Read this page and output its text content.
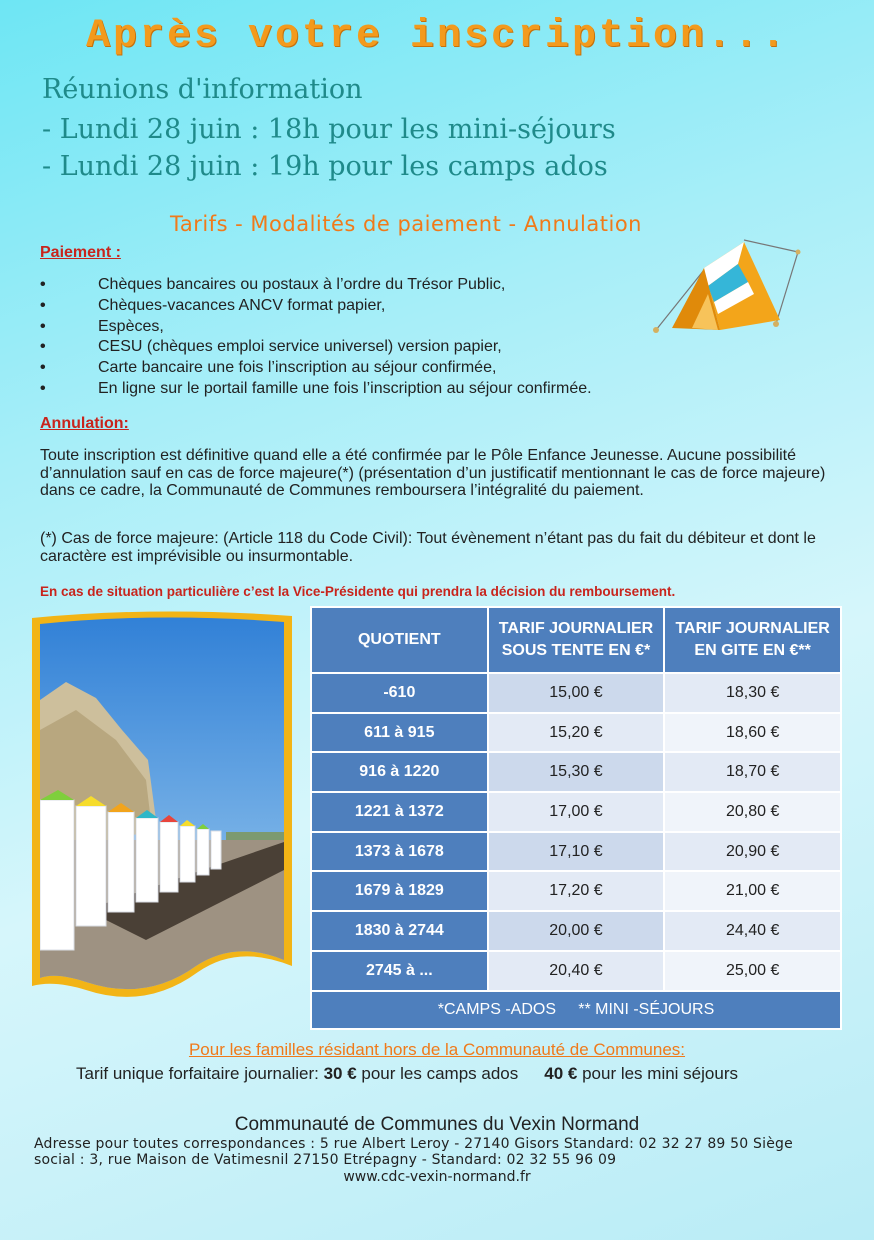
Après votre inscription...
Réunions d'information
- Lundi 28 juin : 18h pour les mini-séjours
- Lundi 28 juin : 19h pour les camps ados
Tarifs - Modalités de paiement - Annulation
Paiement :
• Chèques bancaires ou postaux à l’ordre du Trésor Public,
• Chèques-vacances ANCV format papier,
• Espèces,
• CESU (chèques emploi service universel) version papier,
• Carte bancaire une fois l’inscription au séjour confirmée,
• En ligne sur le portail famille une fois l’inscription au séjour confirmée.
Annulation:
Toute inscription est définitive quand elle a été confirmée par le Pôle Enfance Jeunesse. Aucune possibilité d’annulation sauf en cas de force majeure(*) (présentation d’un justificatif mentionnant le cas de force majeure) dans ce cadre, la Communauté de Communes remboursera l’intégralité du paiement.
(*) Cas de force majeure: (Article 118 du Code Civil): Tout évènement n’étant pas du fait du débiteur et dont le caractère est imprévisible ou insurmontable.
En cas de situation particulière c’est la Vice-Présidente qui prendra la décision du remboursement.
QUOTIENT	TARIF JOURNALIER SOUS TENTE EN €*	TARIF JOURNALIER EN GITE EN €**
-610	15,00 €	18,30 €
611 à 915	15,20 €	18,60 €
916 à 1220	15,30 €	18,70 €
1221 à 1372	17,00 €	20,80 €
1373 à 1678	17,10 €	20,90 €
1679 à 1829	17,20 €	21,00 €
1830 à 2744	20,00 €	24,40 €
2745 à ...	20,40 €	25,00 €
*CAMPS -ADOS     ** MINI -SÉJOURS		
Pour les familles résidant hors de la Communauté de Communes:
Tarif unique forfaitaire journalier: 30 € pour les camps ados 40 € pour les mini séjours
Communauté de Communes du Vexin Normand
Adresse pour toutes correspondances : 5 rue Albert Leroy - 27140 Gisors Standard: 02 32 27 89 50 Siège social : 3, rue Maison de Vatimesnil 27150 Etrépagny - Standard: 02 32 55 96 09
www.cdc-vexin-normand.fr
